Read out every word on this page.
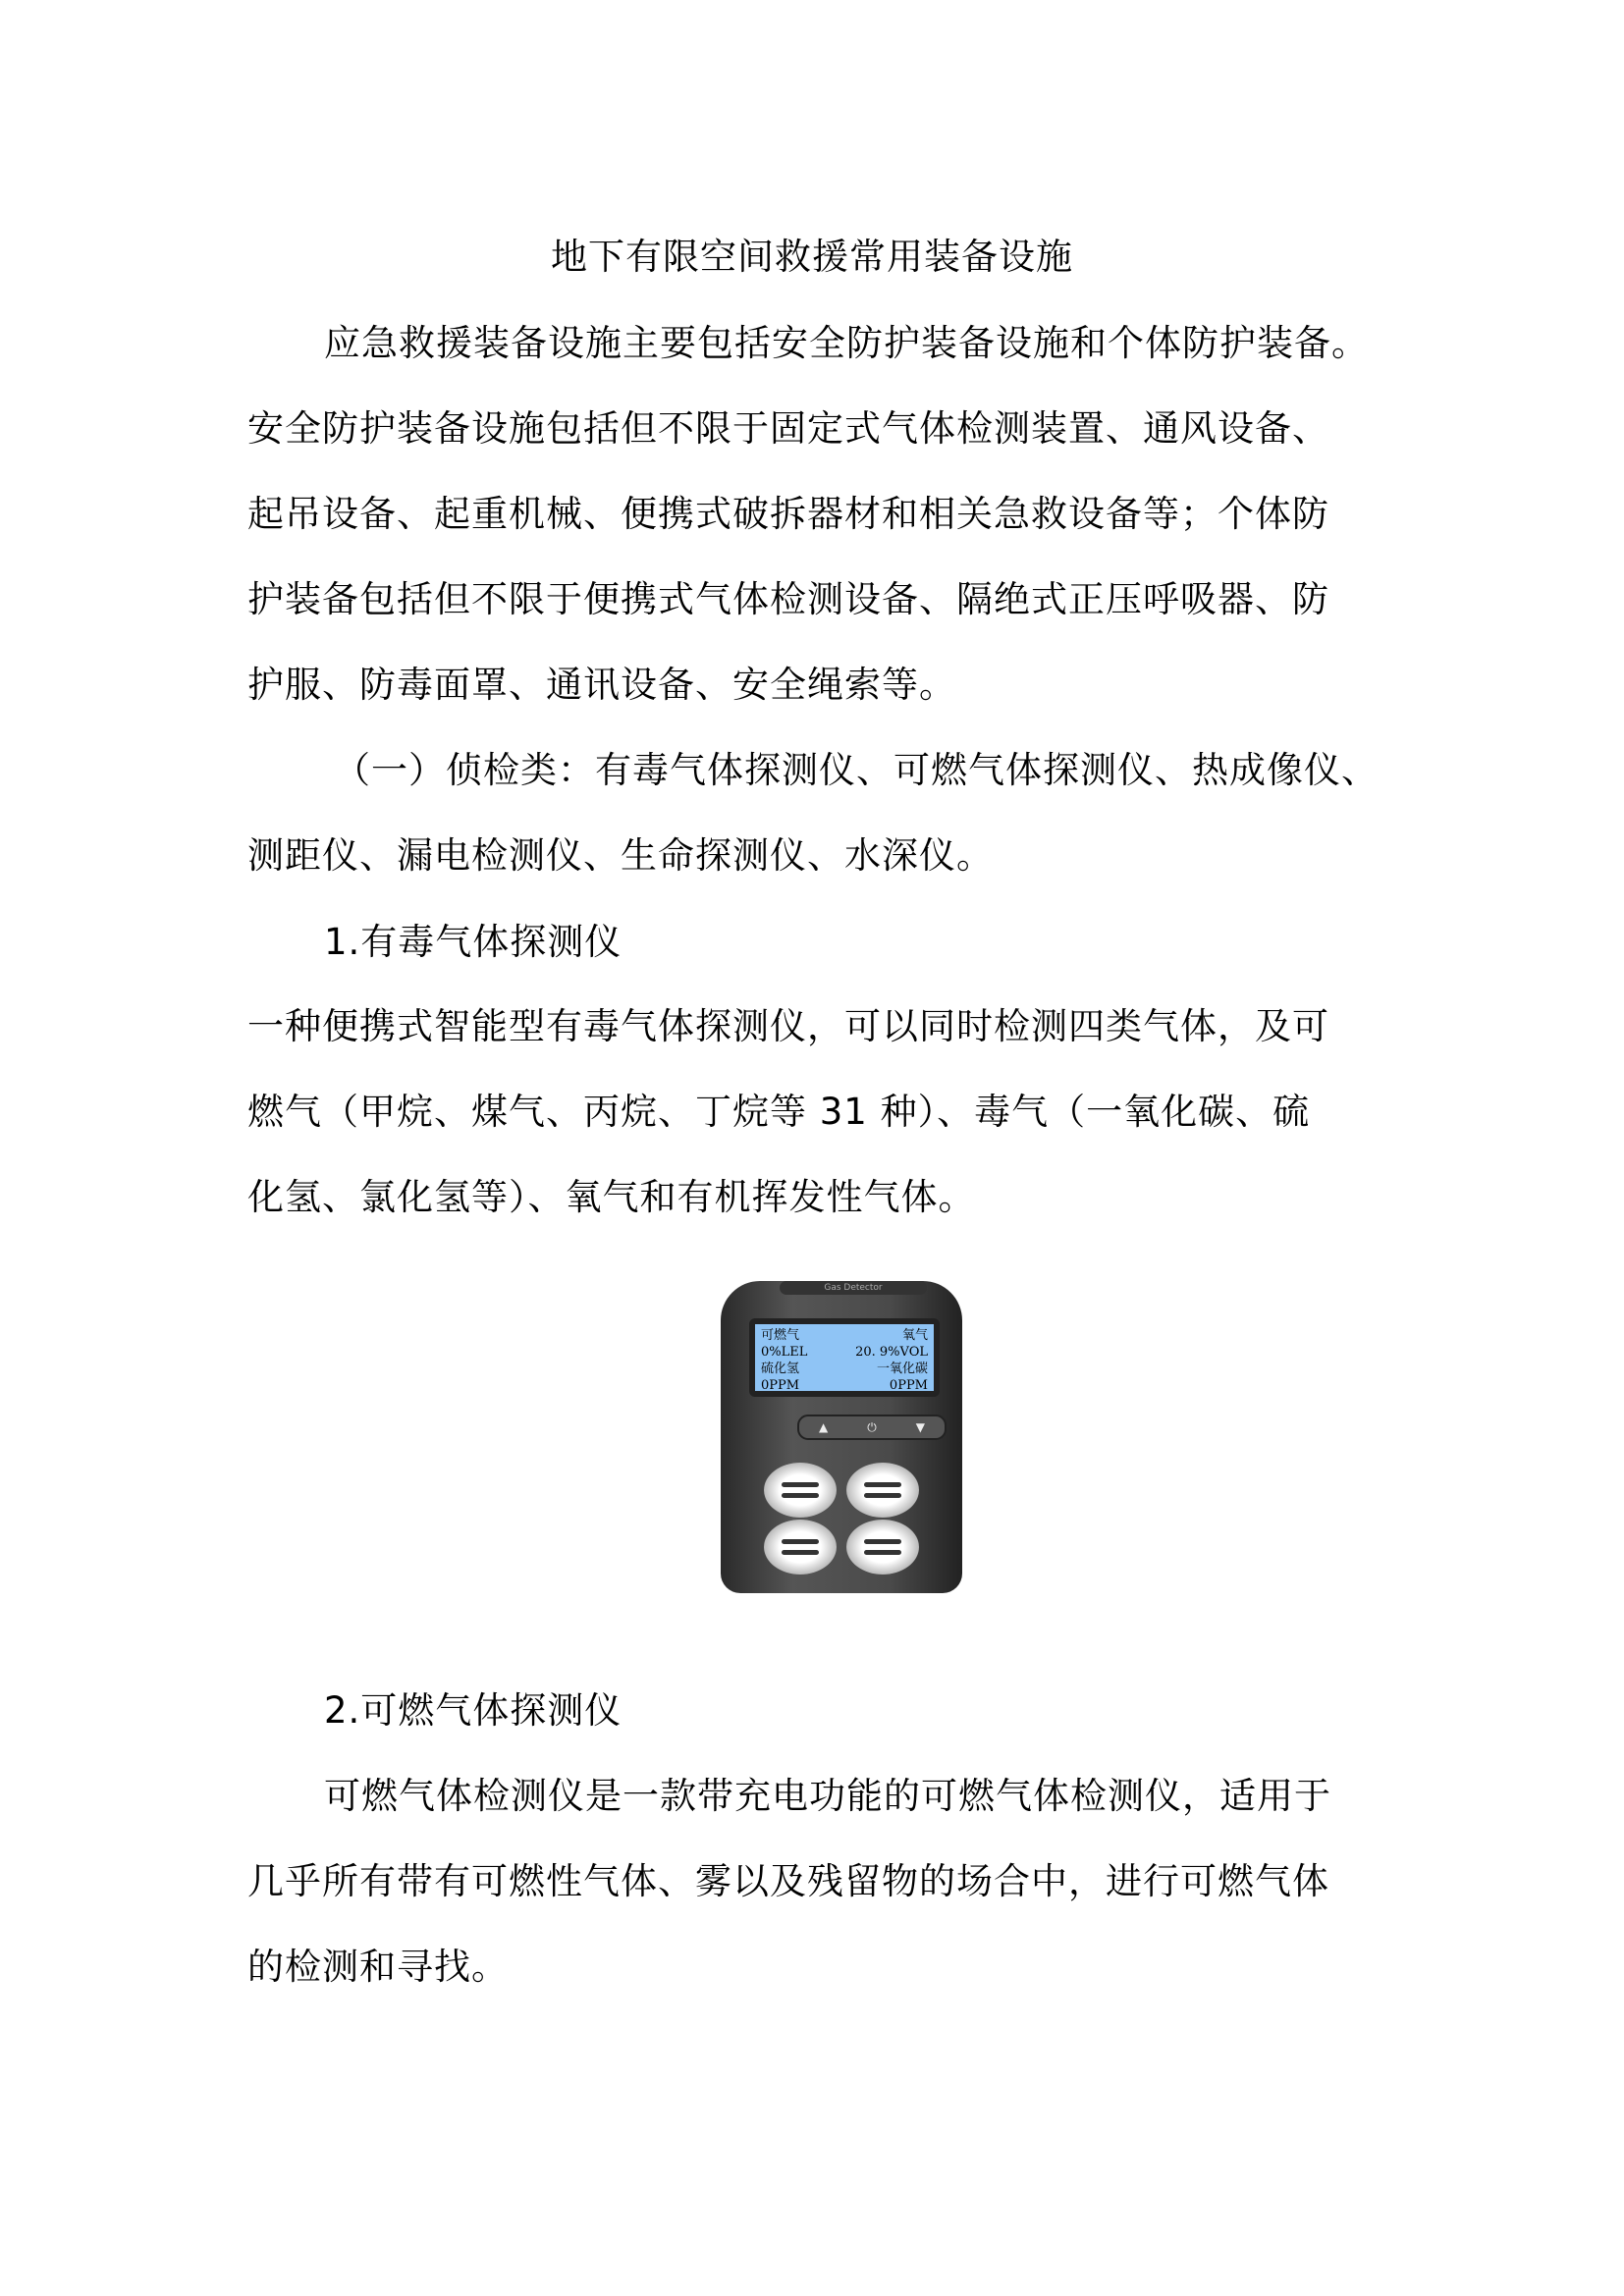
地下有限空间救援常用装备设施
应急救援装备设施主要包括安全防护装备设施和个体防护装备。
安全防护装备设施包括但不限于固定式气体检测装置、通风设备、
起吊设备、起重机械、便携式破拆器材和相关急救设备等；个体防
护装备包括但不限于便携式气体检测设备、隔绝式正压呼吸器、防
护服、防毒面罩、通讯设备、安全绳索等。
（一）侦检类：有毒气体探测仪、可燃气体探测仪、热成像仪、
测距仪、漏电检测仪、生命探测仪、水深仪。
1.有毒气体探测仪
一种便携式智能型有毒气体探测仪，可以同时检测四类气体，及可
燃气（甲烷、煤气、丙烷、丁烷等 31 种）、毒气（一氧化碳、硫
化氢、氯化氢等）、氧气和有机挥发性气体。
Gas Detector
可燃气	氧气
0%LEL	20. 9%VOL
硫化氢	一氧化碳
0PPM	0PPM
▲	⏻	▼
2.可燃气体探测仪
可燃气体检测仪是一款带充电功能的可燃气体检测仪，适用于
几乎所有带有可燃性气体、雾以及残留物的场合中，进行可燃气体
的检测和寻找。
